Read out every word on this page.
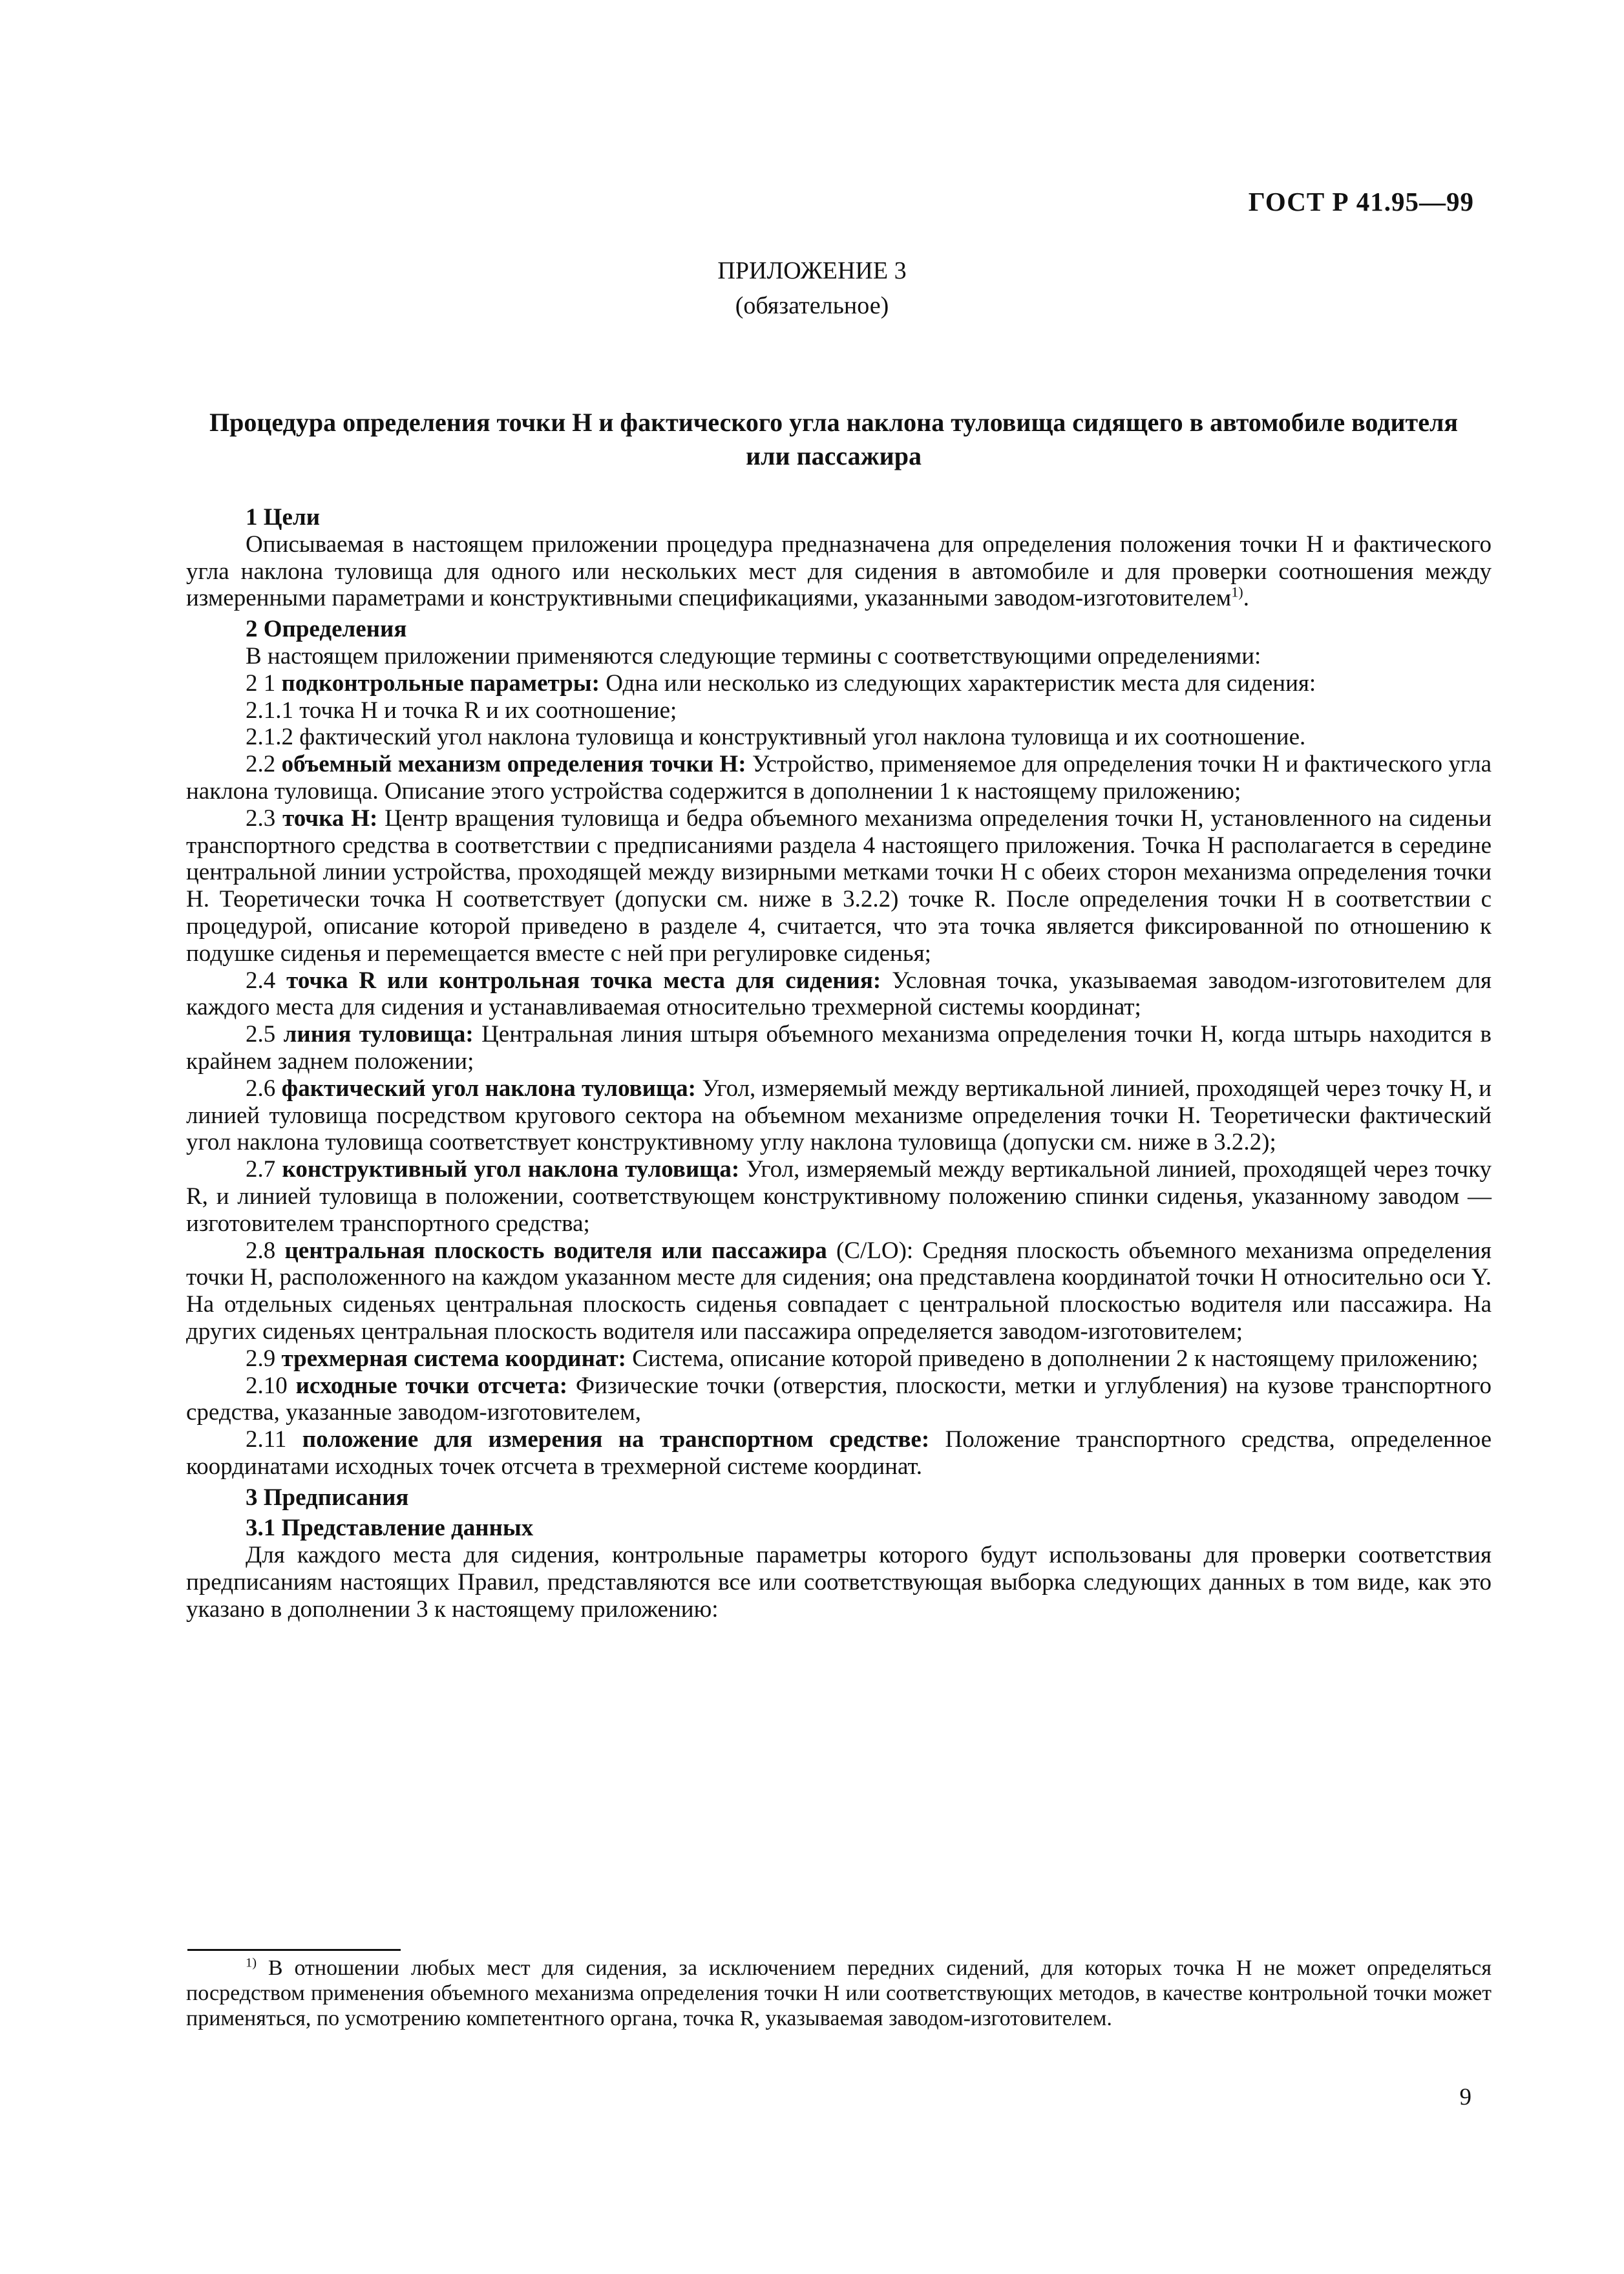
ГОСТ Р 41.95—99
ПРИЛОЖЕНИЕ 3
(обязательное)
Процедура определения точки H и фактического угла наклона туловища сидящего в автомобиле водителя или пассажира

1 Цели

Описываемая в настоящем приложении процедура предназначена для определения положения точки H и фактического угла наклона туловища для одного или нескольких мест для сидения в автомобиле и для проверки соотношения между измеренными параметрами и конструктивными спецификациями, указанными заводом-изготовителем$^{1)}$.

2 Определения

В настоящем приложении применяются следующие термины с соответствующими определениями:

2 1 подконтрольные параметры: Одна или несколько из следующих характеристик места для сидения:

2.1.1 точка H и точка R и их соотношение;

2.1.2 фактический угол наклона туловища и конструктивный угол наклона туловища и их соотношение.

2.2 объемный механизм определения точки H: Устройство, применяемое для определения точки H и фактического угла наклона туловища. Описание этого устройства содержится в дополнении 1 к настоящему приложению;

2.3 точка H: Центр вращения туловища и бедра объемного механизма определения точки H, установленного на сиденьи транспортного средства в соответствии с предписаниями раздела 4 настоящего приложения. Точка H располагается в середине центральной линии устройства, проходящей между визирными метками точки H с обеих сторон механизма определения точки H. Теоретически точка H соответствует (допуски см. ниже в 3.2.2) точке R. После определения точки H в соответствии с процедурой, описание которой приведено в разделе 4, считается, что эта точка является фиксированной по отношению к подушке сиденья и перемещается вместе с ней при регулировке сиденья;

2.4 точка R или контрольная точка места для сидения: Условная точка, указываемая заводом-изготовителем для каждого места для сидения и устанавливаемая относительно трехмерной системы координат;

2.5 линия туловища: Центральная линия штыря объемного механизма определения точки H, когда штырь находится в крайнем заднем положении;

2.6 фактический угол наклона туловища: Угол, измеряемый между вертикальной линией, проходящей через точку H, и линией туловища посредством кругового сектора на объемном механизме определения точки H. Теоретически фактический угол наклона туловища соответствует конструктивному углу наклона туловища (допуски см. ниже в 3.2.2);

2.7 конструктивный угол наклона туловища: Угол, измеряемый между вертикальной линией, проходящей через точку R, и линией туловища в положении, соответствующем конструктивному положению спинки сиденья, указанному заводом — изготовителем транспортного средства;

2.8 центральная плоскость водителя или пассажира (C/LO): Средняя плоскость объемного механизма определения точки H, расположенного на каждом указанном месте для сидения; она представлена координатой точки H относительно оси Y. На отдельных сиденьях центральная плоскость сиденья совпадает с центральной плоскостью водителя или пассажира. На других сиденьях центральная плоскость водителя или пассажира определяется заводом-изготовителем;

2.9 трехмерная система координат: Система, описание которой приведено в дополнении 2 к настоящему приложению;

2.10 исходные точки отсчета: Физические точки (отверстия, плоскости, метки и углубления) на кузове транспортного средства, указанные заводом-изготовителем,

2.11 положение для измерения на транспортном средстве: Положение транспортного средства, определенное координатами исходных точек отсчета в трехмерной системе координат.

3 Предписания

3.1 Представление данных

Для каждого места для сидения, контрольные параметры которого будут использованы для проверки соответствия предписаниям настоящих Правил, представляются все или соответствующая выборка следующих данных в том виде, как это указано в дополнении 3 к настоящему приложению:

$^{1)}$ В отношении любых мест для сидения, за исключением передних сидений, для которых точка H не может определяться посредством применения объемного механизма определения точки H или соответствующих методов, в качестве контрольной точки может применяться, по усмотрению компетентного органа, точка R, указываемая заводом-изготовителем.

9
